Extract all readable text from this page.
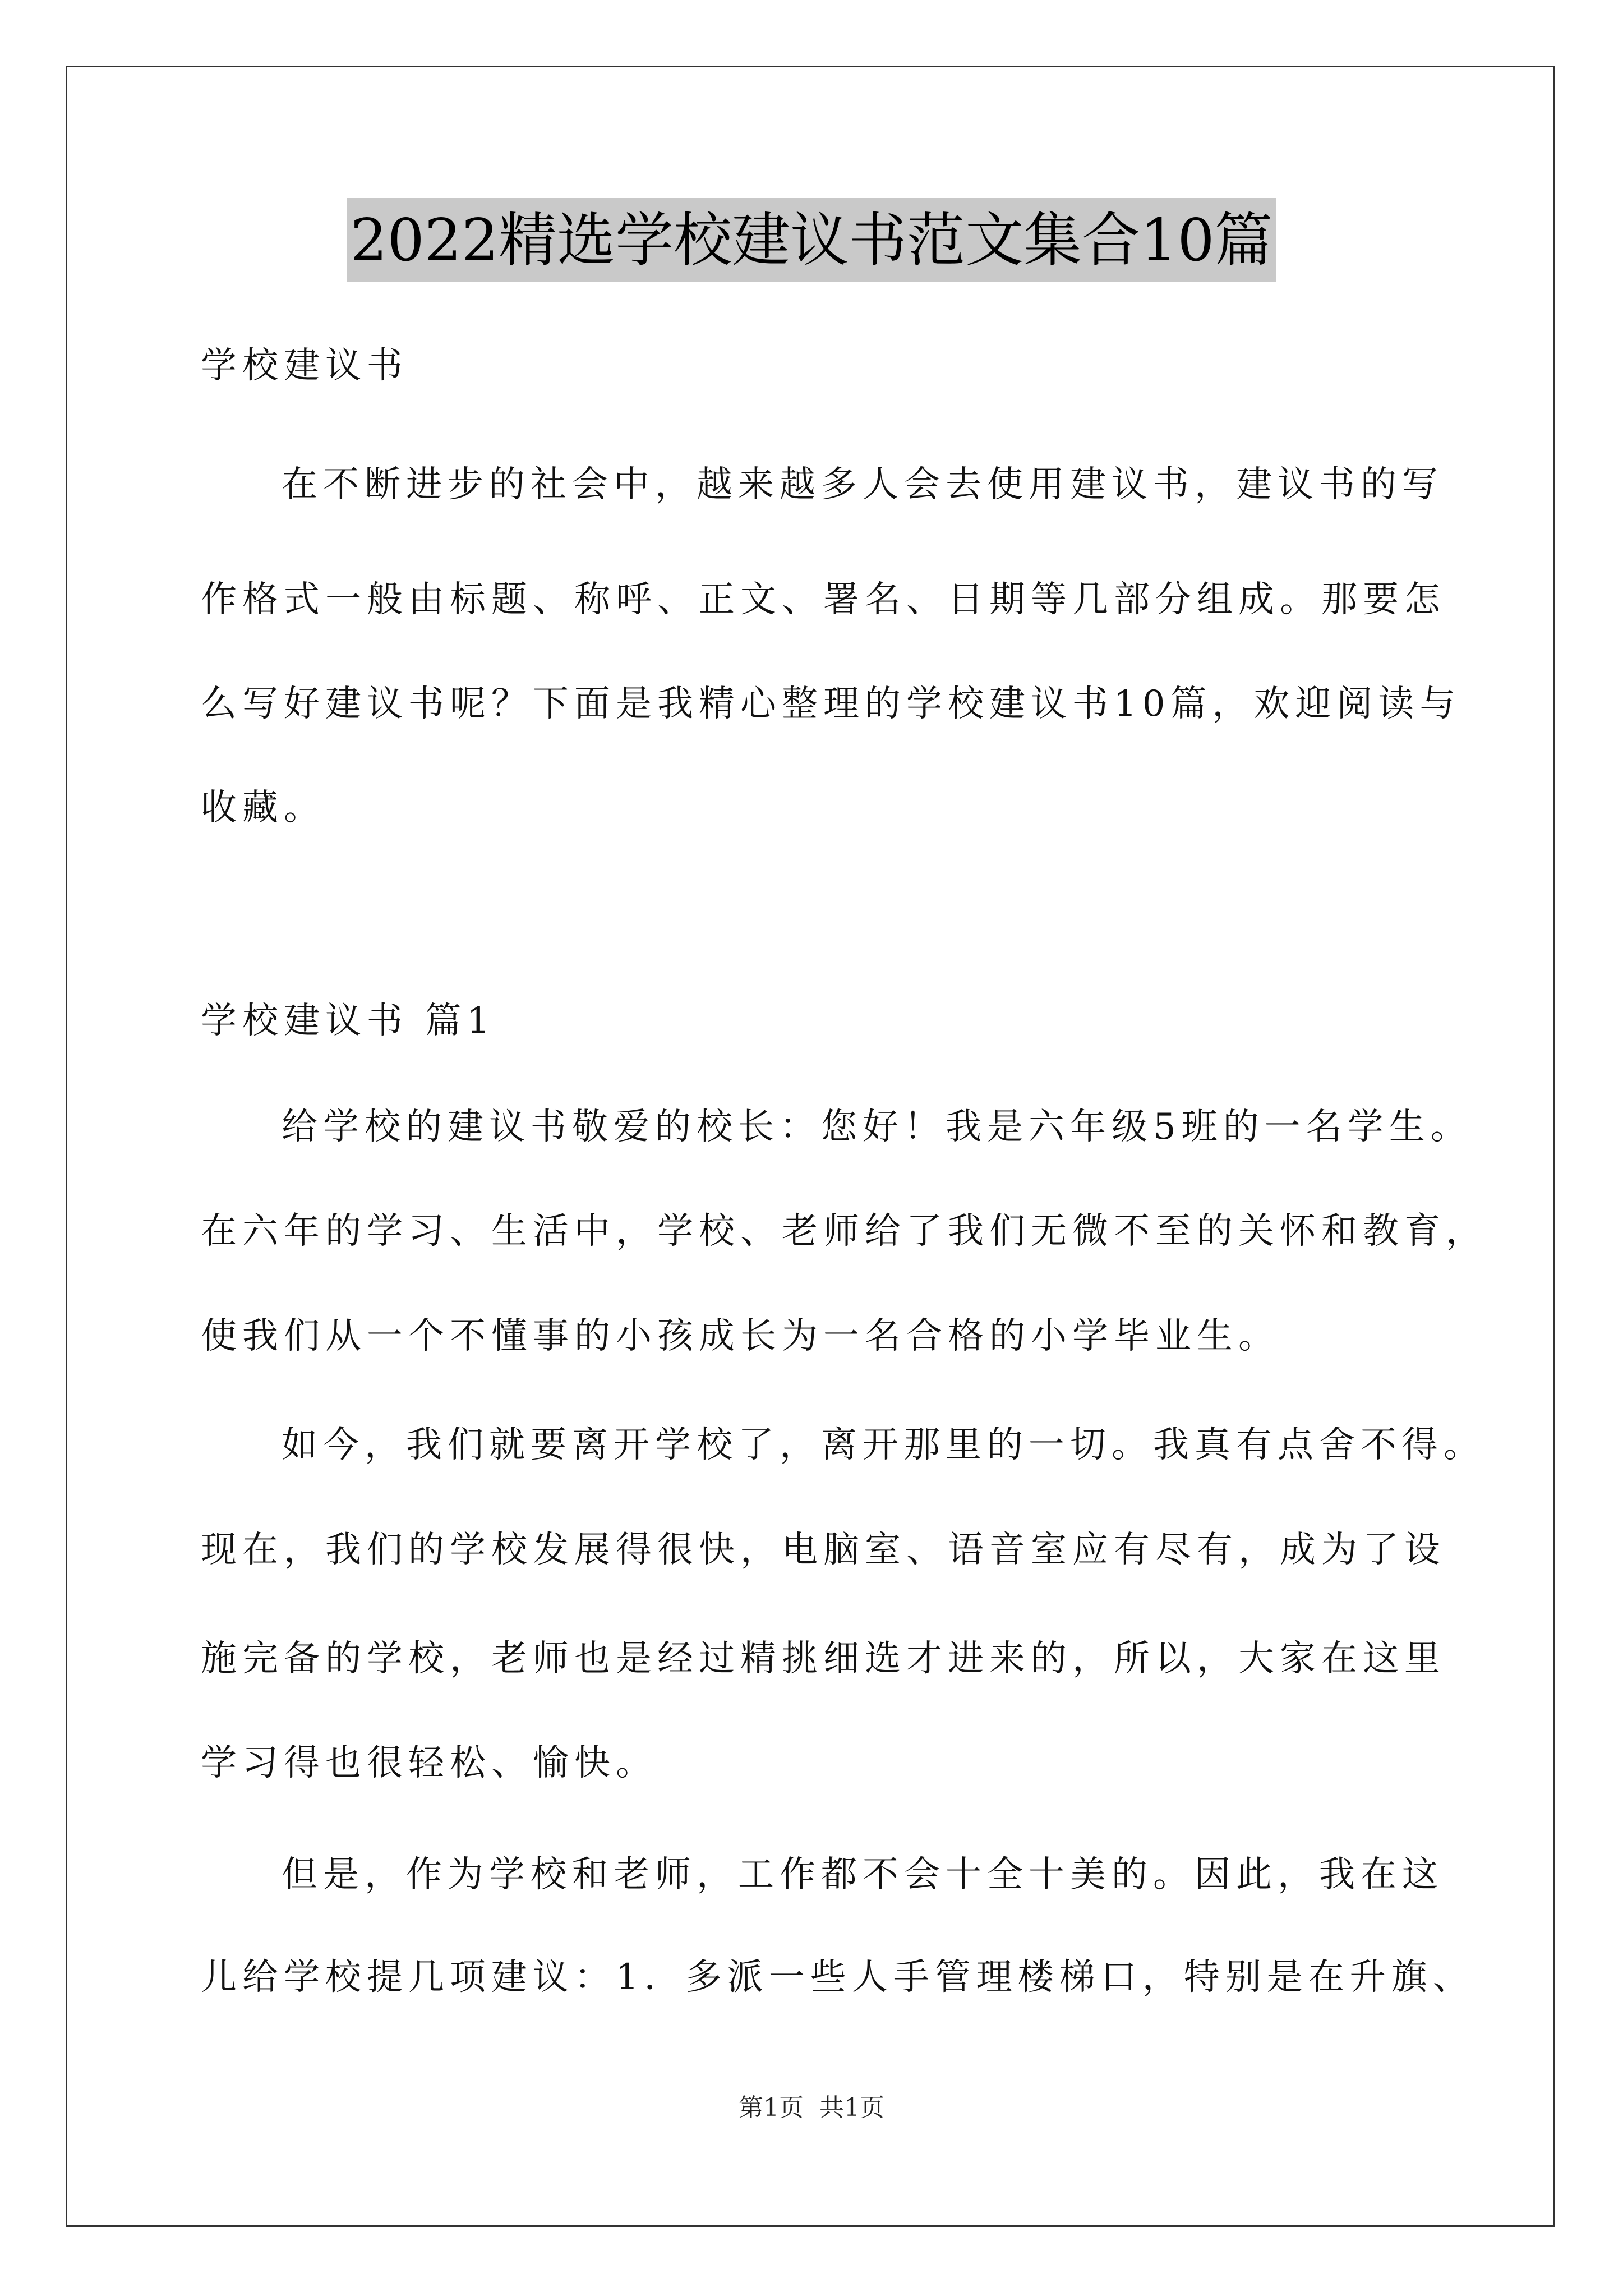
2022精选学校建议书范文集合10篇
学校建议书
在不断进步的社会中，越来越多人会去使用建议书，建议书的写
作格式一般由标题、称呼、正文、署名、日期等几部分组成。那要怎
么写好建议书呢？下面是我精心整理的学校建议书10篇，欢迎阅读与
收藏。
学校建议书 篇1
给学校的建议书敬爱的校长：您好！我是六年级5班的一名学生。
在六年的学习、生活中，学校、老师给了我们无微不至的关怀和教育，
使我们从一个不懂事的小孩成长为一名合格的小学毕业生。
如今，我们就要离开学校了，离开那里的一切。我真有点舍不得。
现在，我们的学校发展得很快，电脑室、语音室应有尽有，成为了设
施完备的学校，老师也是经过精挑细选才进来的，所以，大家在这里
学习得也很轻松、愉快。
但是，作为学校和老师，工作都不会十全十美的。因此，我在这
儿给学校提几项建议：1．多派一些人手管理楼梯口，特别是在升旗、
第1页 共1页
